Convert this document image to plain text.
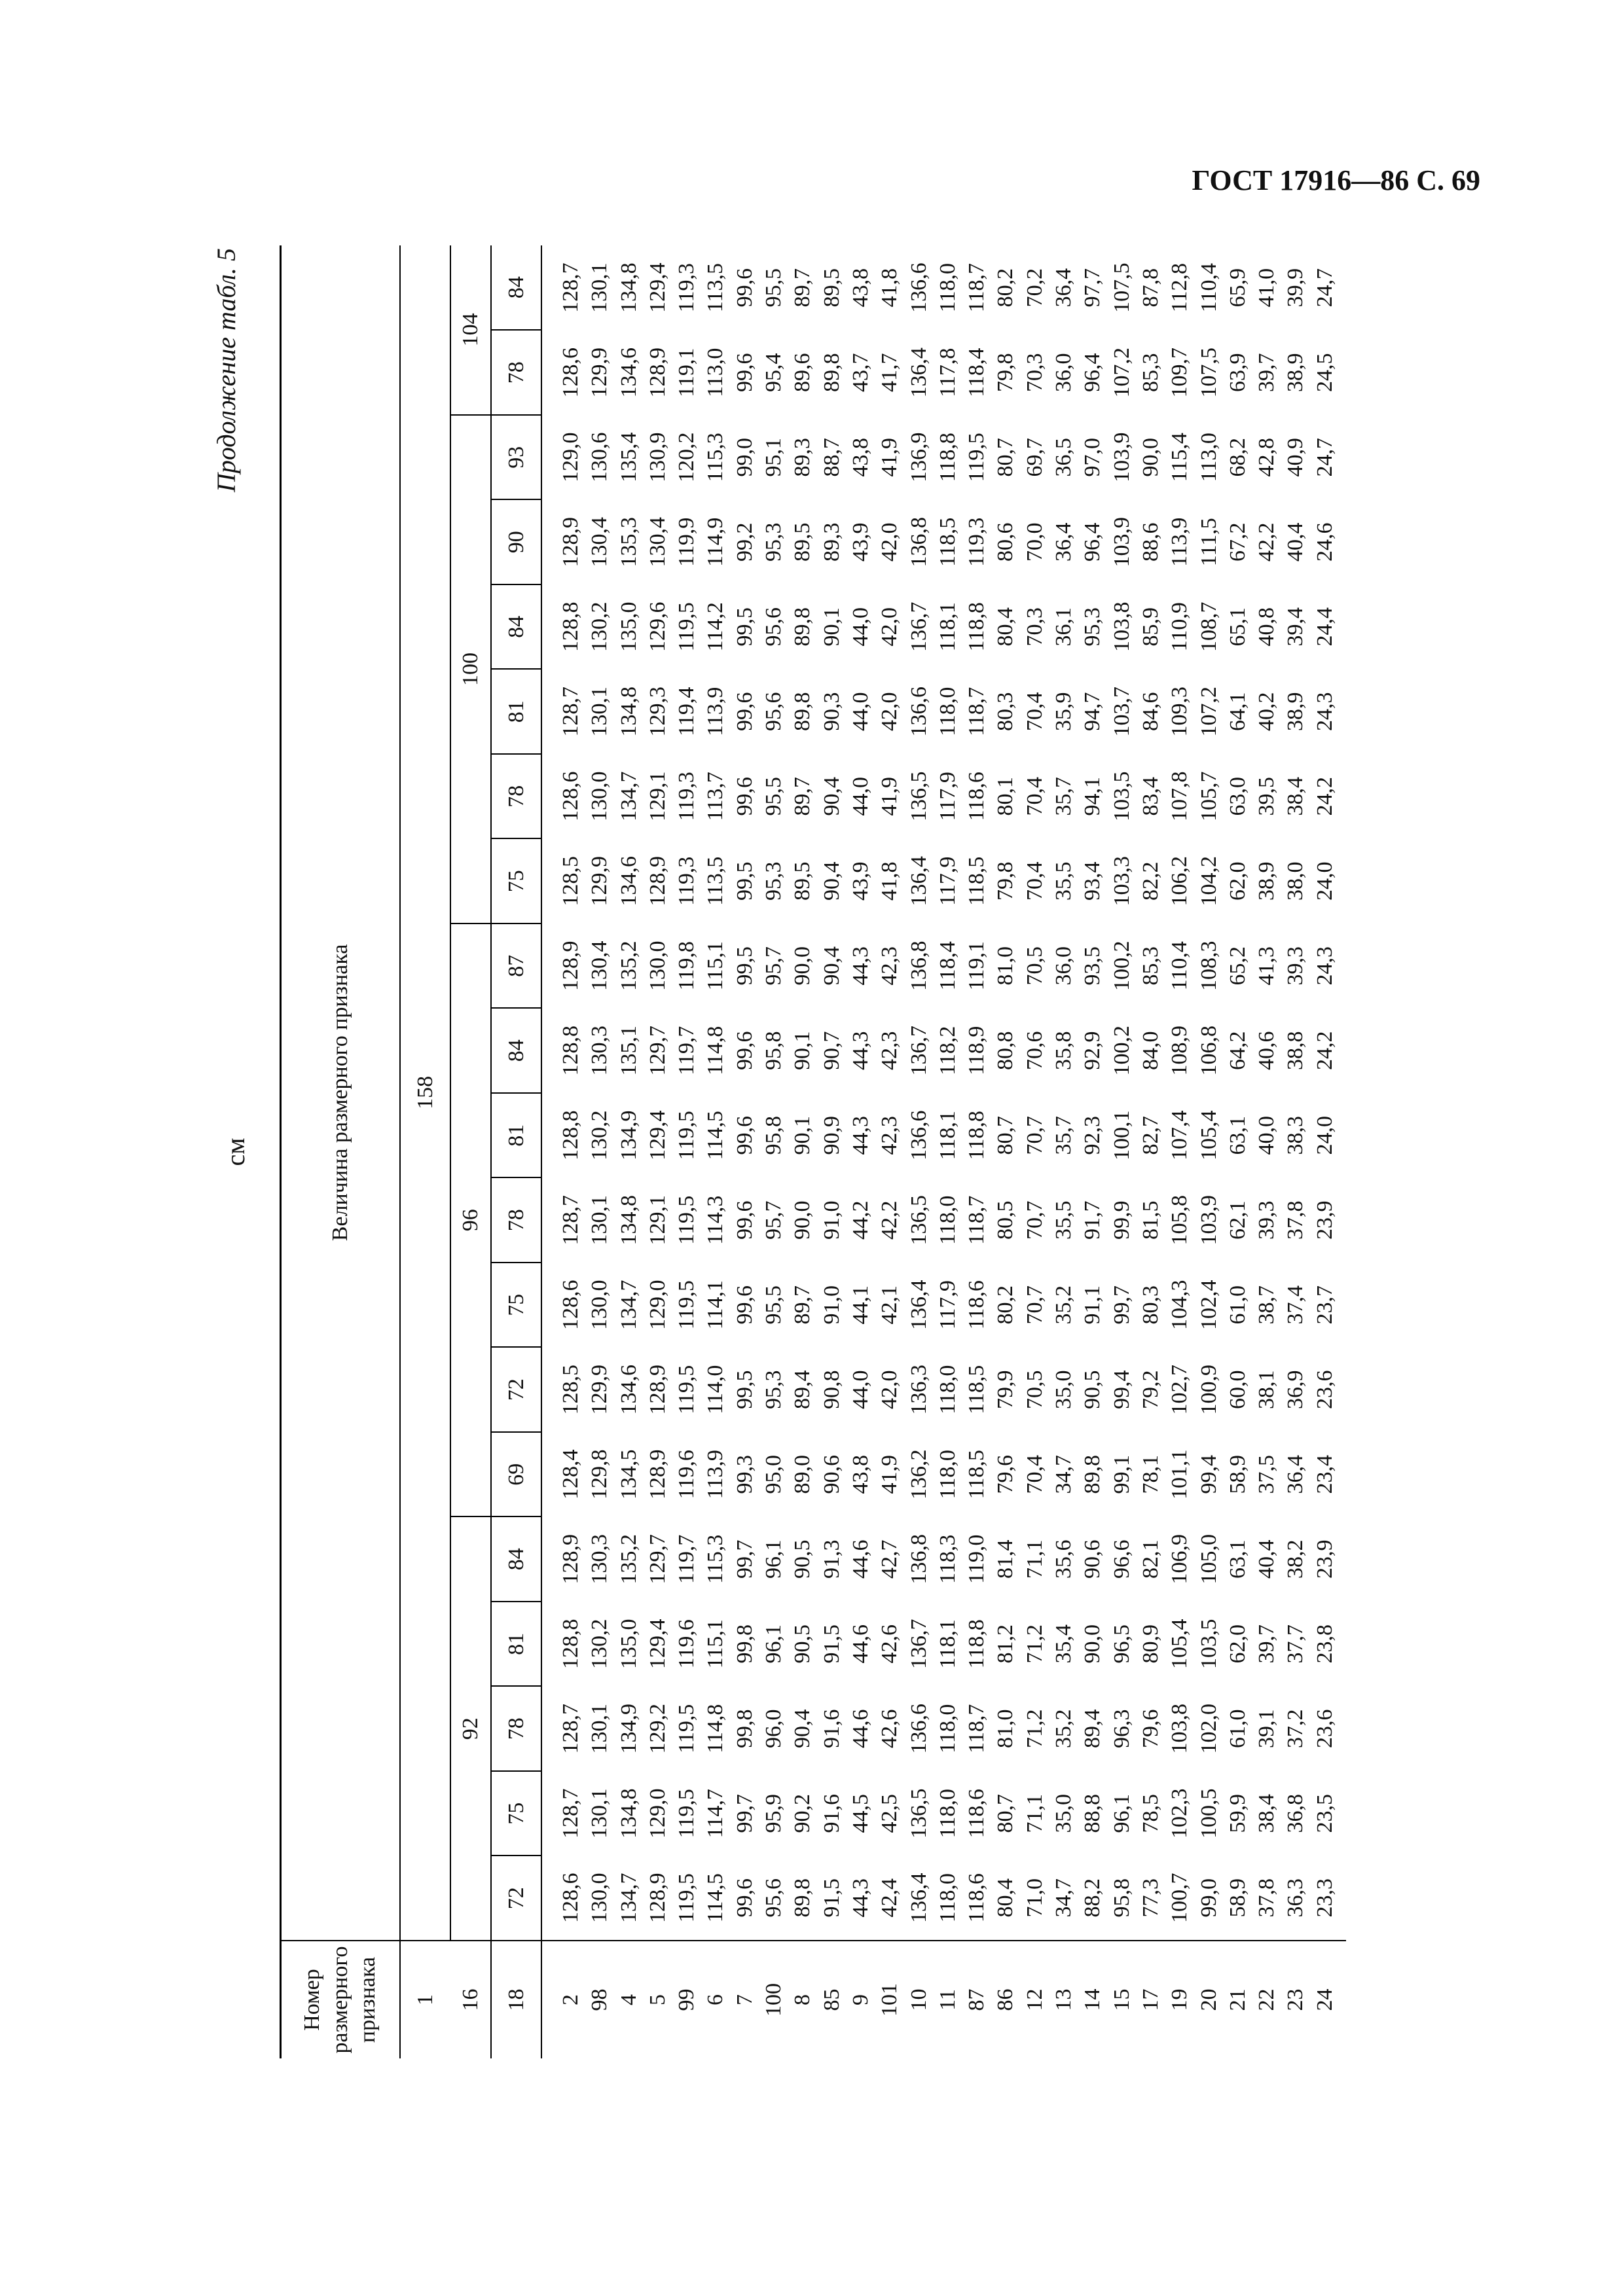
ГОСТ 17916—86 С. 69
см
Продолжение табл. 5
Номер размерного признака	Величина размерного признака																			
1	158																			
16	92					96							100						104	
18	72	75	78	81	84	69	72	75	78	81	84	87	75	78	81	84	90	93	78	84
2	128,6	128,7	128,7	128,8	128,9	128,4	128,5	128,6	128,7	128,8	128,8	128,9	128,5	128,6	128,7	128,8	128,9	129,0	128,6	128,7
98	130,0	130,1	130,1	130,2	130,3	129,8	129,9	130,0	130,1	130,2	130,3	130,4	129,9	130,0	130,1	130,2	130,4	130,6	129,9	130,1
4	134,7	134,8	134,9	135,0	135,2	134,5	134,6	134,7	134,8	134,9	135,1	135,2	134,6	134,7	134,8	135,0	135,3	135,4	134,6	134,8
5	128,9	129,0	129,2	129,4	129,7	128,9	128,9	129,0	129,1	129,4	129,7	130,0	128,9	129,1	129,3	129,6	130,4	130,9	128,9	129,4
99	119,5	119,5	119,5	119,6	119,7	119,6	119,5	119,5	119,5	119,5	119,7	119,8	119,3	119,3	119,4	119,5	119,9	120,2	119,1	119,3
6	114,5	114,7	114,8	115,1	115,3	113,9	114,0	114,1	114,3	114,5	114,8	115,1	113,5	113,7	113,9	114,2	114,9	115,3	113,0	113,5
7	99,6	99,7	99,8	99,8	99,7	99,3	99,5	99,6	99,6	99,6	99,6	99,5	99,5	99,6	99,6	99,5	99,2	99,0	99,6	99,6
100	95,6	95,9	96,0	96,1	96,1	95,0	95,3	95,5	95,7	95,8	95,8	95,7	95,3	95,5	95,6	95,6	95,3	95,1	95,4	95,5
8	89,8	90,2	90,4	90,5	90,5	89,0	89,4	89,7	90,0	90,1	90,1	90,0	89,5	89,7	89,8	89,8	89,5	89,3	89,6	89,7
85	91,5	91,6	91,6	91,5	91,3	90,6	90,8	91,0	91,0	90,9	90,7	90,4	90,4	90,4	90,3	90,1	89,3	88,7	89,8	89,5
9	44,3	44,5	44,6	44,6	44,6	43,8	44,0	44,1	44,2	44,3	44,3	44,3	43,9	44,0	44,0	44,0	43,9	43,8	43,7	43,8
101	42,4	42,5	42,6	42,6	42,7	41,9	42,0	42,1	42,2	42,3	42,3	42,3	41,8	41,9	42,0	42,0	42,0	41,9	41,7	41,8
10	136,4	136,5	136,6	136,7	136,8	136,2	136,3	136,4	136,5	136,6	136,7	136,8	136,4	136,5	136,6	136,7	136,8	136,9	136,4	136,6
11	118,0	118,0	118,0	118,1	118,3	118,0	118,0	117,9	118,0	118,1	118,2	118,4	117,9	117,9	118,0	118,1	118,5	118,8	117,8	118,0
87	118,6	118,6	118,7	118,8	119,0	118,5	118,5	118,6	118,7	118,8	118,9	119,1	118,5	118,6	118,7	118,8	119,3	119,5	118,4	118,7
86	80,4	80,7	81,0	81,2	81,4	79,6	79,9	80,2	80,5	80,7	80,8	81,0	79,8	80,1	80,3	80,4	80,6	80,7	79,8	80,2
12	71,0	71,1	71,2	71,2	71,1	70,4	70,5	70,7	70,7	70,7	70,6	70,5	70,4	70,4	70,4	70,3	70,0	69,7	70,3	70,2
13	34,7	35,0	35,2	35,4	35,6	34,7	35,0	35,2	35,5	35,7	35,8	36,0	35,5	35,7	35,9	36,1	36,4	36,5	36,0	36,4
14	88,2	88,8	89,4	90,0	90,6	89,8	90,5	91,1	91,7	92,3	92,9	93,5	93,4	94,1	94,7	95,3	96,4	97,0	96,4	97,7
15	95,8	96,1	96,3	96,5	96,6	99,1	99,4	99,7	99,9	100,1	100,2	100,2	103,3	103,5	103,7	103,8	103,9	103,9	107,2	107,5
17	77,3	78,5	79,6	80,9	82,1	78,1	79,2	80,3	81,5	82,7	84,0	85,3	82,2	83,4	84,6	85,9	88,6	90,0	85,3	87,8
19	100,7	102,3	103,8	105,4	106,9	101,1	102,7	104,3	105,8	107,4	108,9	110,4	106,2	107,8	109,3	110,9	113,9	115,4	109,7	112,8
20	99,0	100,5	102,0	103,5	105,0	99,4	100,9	102,4	103,9	105,4	106,8	108,3	104,2	105,7	107,2	108,7	111,5	113,0	107,5	110,4
21	58,9	59,9	61,0	62,0	63,1	58,9	60,0	61,0	62,1	63,1	64,2	65,2	62,0	63,0	64,1	65,1	67,2	68,2	63,9	65,9
22	37,8	38,4	39,1	39,7	40,4	37,5	38,1	38,7	39,3	40,0	40,6	41,3	38,9	39,5	40,2	40,8	42,2	42,8	39,7	41,0
23	36,3	36,8	37,2	37,7	38,2	36,4	36,9	37,4	37,8	38,3	38,8	39,3	38,0	38,4	38,9	39,4	40,4	40,9	38,9	39,9
24	23,3	23,5	23,6	23,8	23,9	23,4	23,6	23,7	23,9	24,0	24,2	24,3	24,0	24,2	24,3	24,4	24,6	24,7	24,5	24,7
